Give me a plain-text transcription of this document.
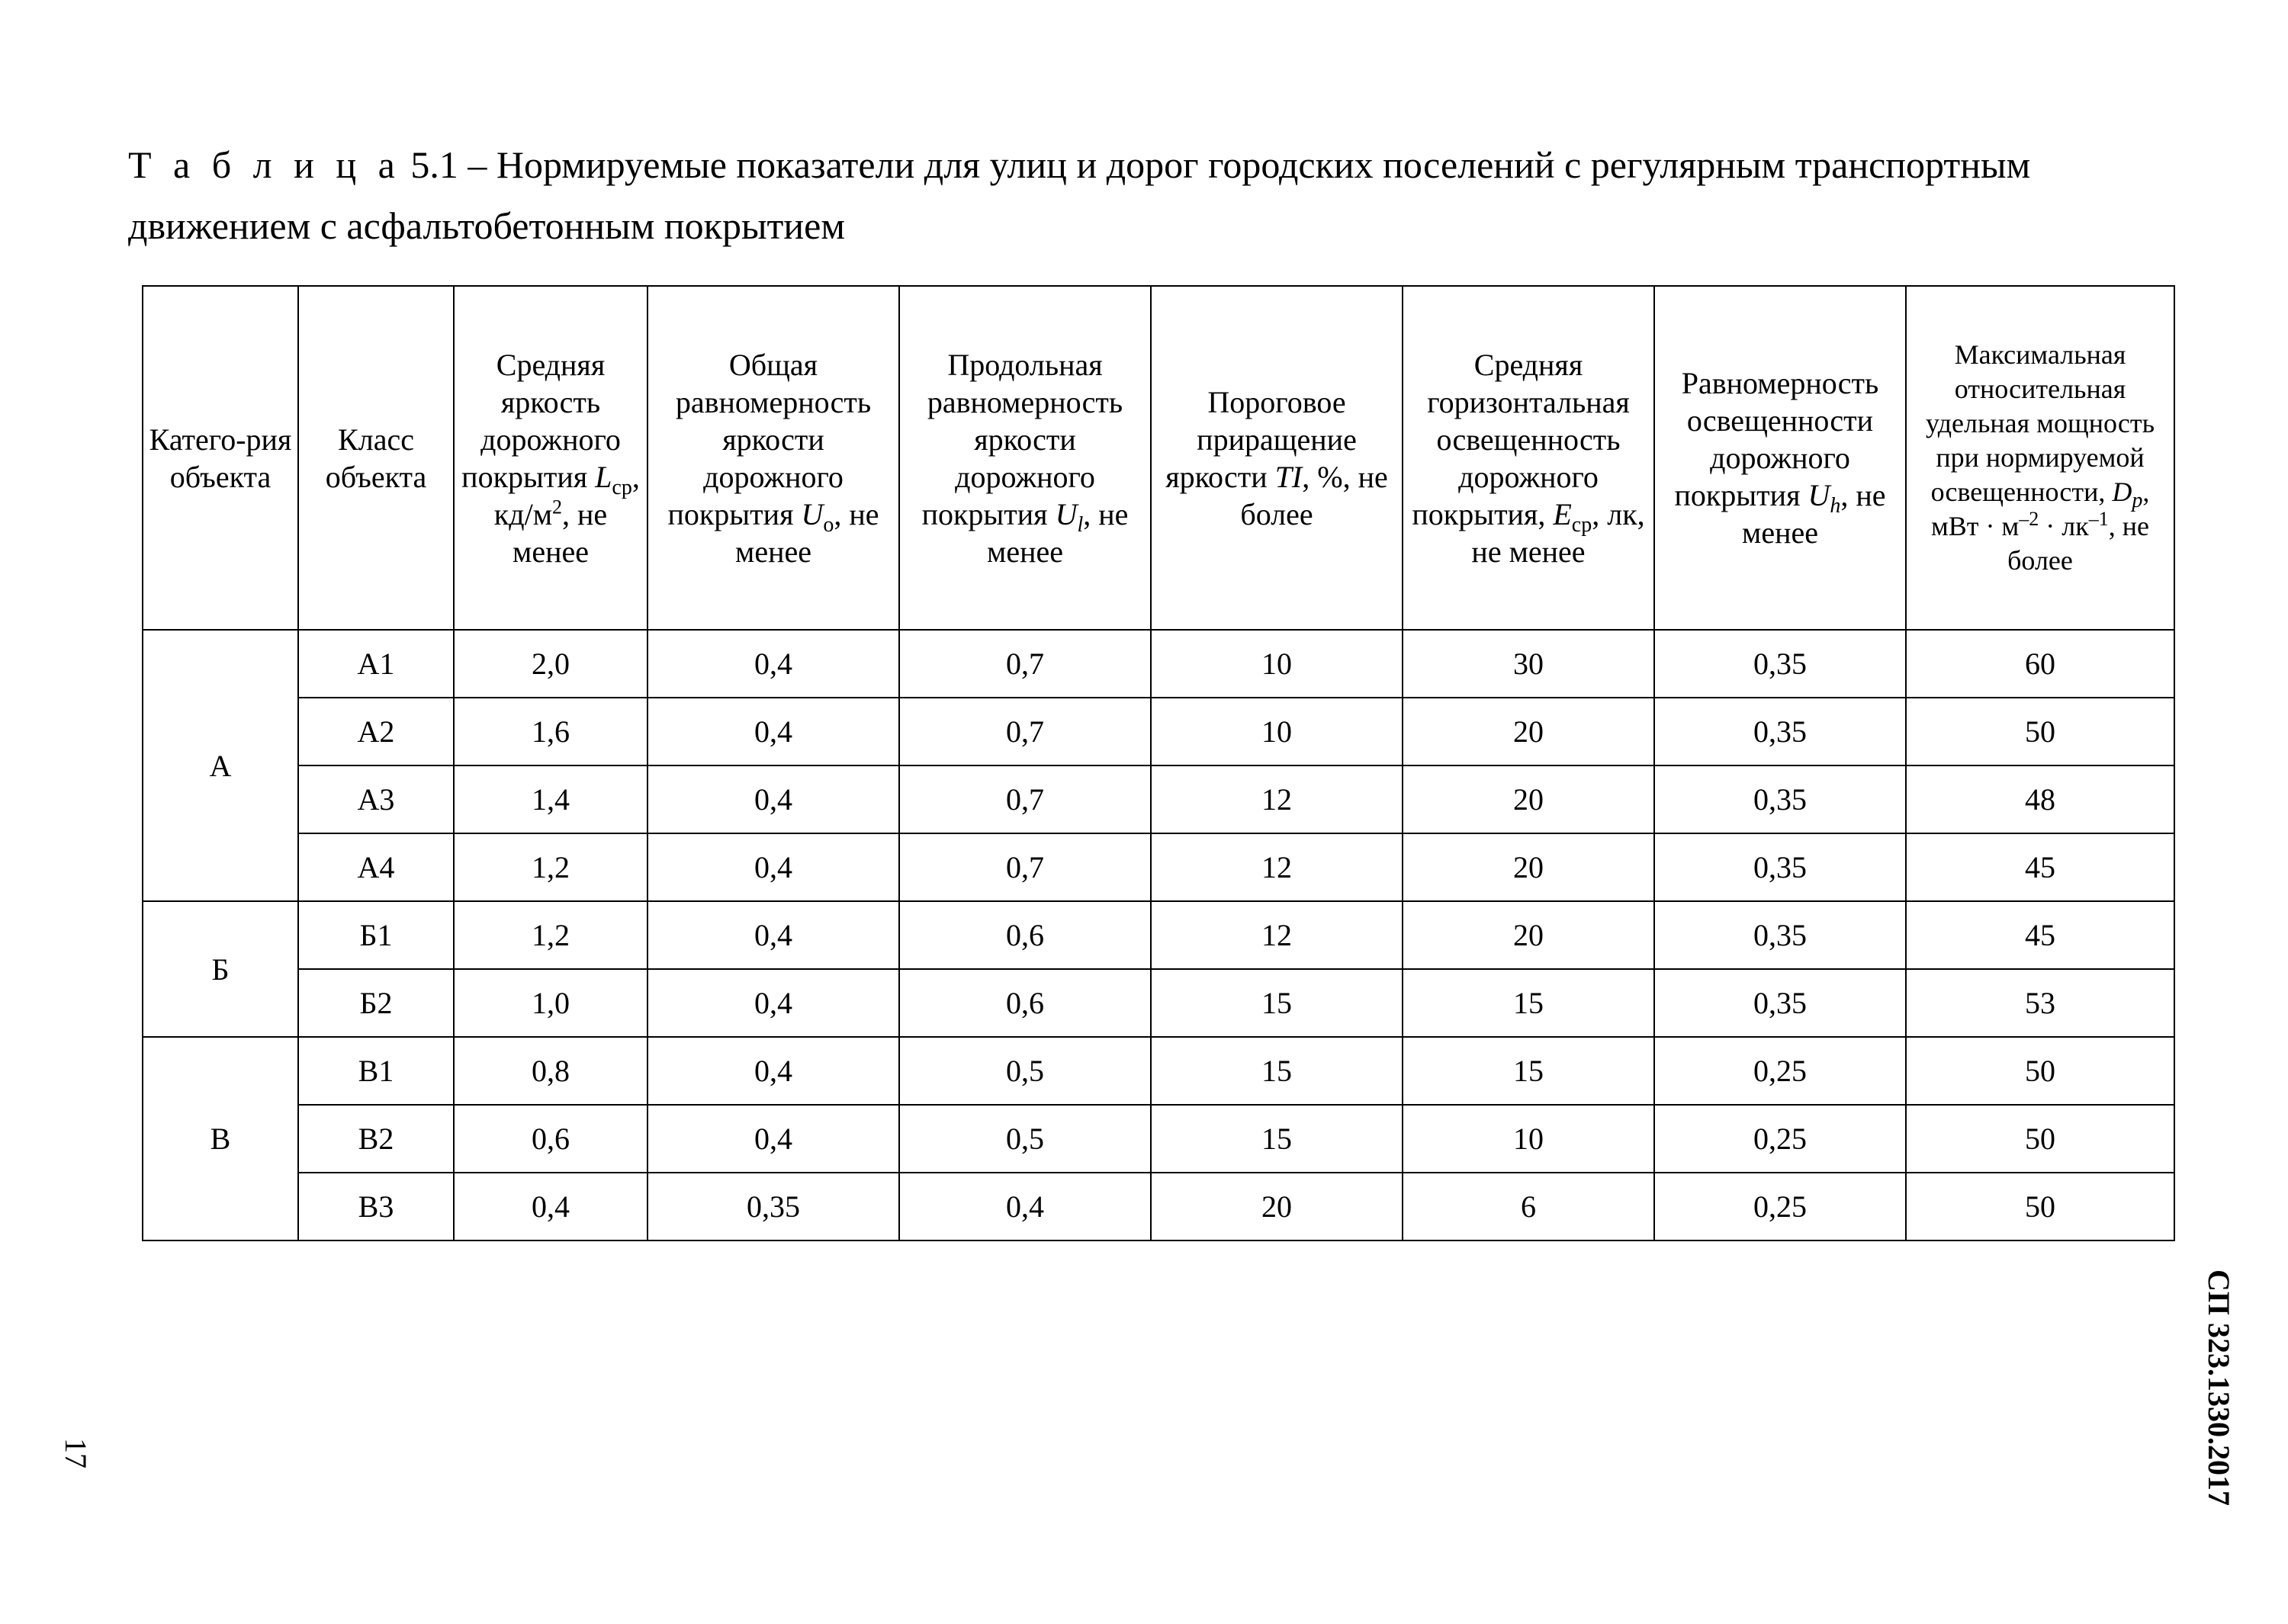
Т а б л и ц а 5.1 – Нормируемые показатели для улиц и дорог городских поселений с регулярным транспортным движением с асфальтобетонным покрытием

Катего-рия объекта	Класс объекта	Средняя яркость дорожного покрытия $L_{ср}$, $кд/м^2$, не менее	Общая равномерность яркости дорожного покрытия $U_о$, не менее	Продольная равномерность яркости дорожного покрытия $U_l$, не менее	Пороговое приращение яркости TI, %, не более	Средняя горизонтальная освещенность дорожного покрытия, $E_{ср}$, лк, не менее	Равномерность освещенности дорожного покрытия $U_h$, не менее	Максимальная относительная удельная мощность при нормируемой освещенности, $D_p$, мВт · $м^{-2} \cdot лк^{-1}$, не более
А	А1	2,0	0,4	0,7	10	30	0,35	60
	А2	1,6	0,4	0,7	10	20	0,35	50
	А3	1,4	0,4	0,7	12	20	0,35	48
	А4	1,2	0,4	0,7	12	20	0,35	45
Б	Б1	1,2	0,4	0,6	12	20	0,35	45
	Б2	1,0	0,4	0,6	15	15	0,35	53
В	В1	0,8	0,4	0,5	15	15	0,25	50
	В2	0,6	0,4	0,5	15	10	0,25	50
	В3	0,4	0,35	0,4	20	6	0,25	50
17	СП 323.1330.2017
